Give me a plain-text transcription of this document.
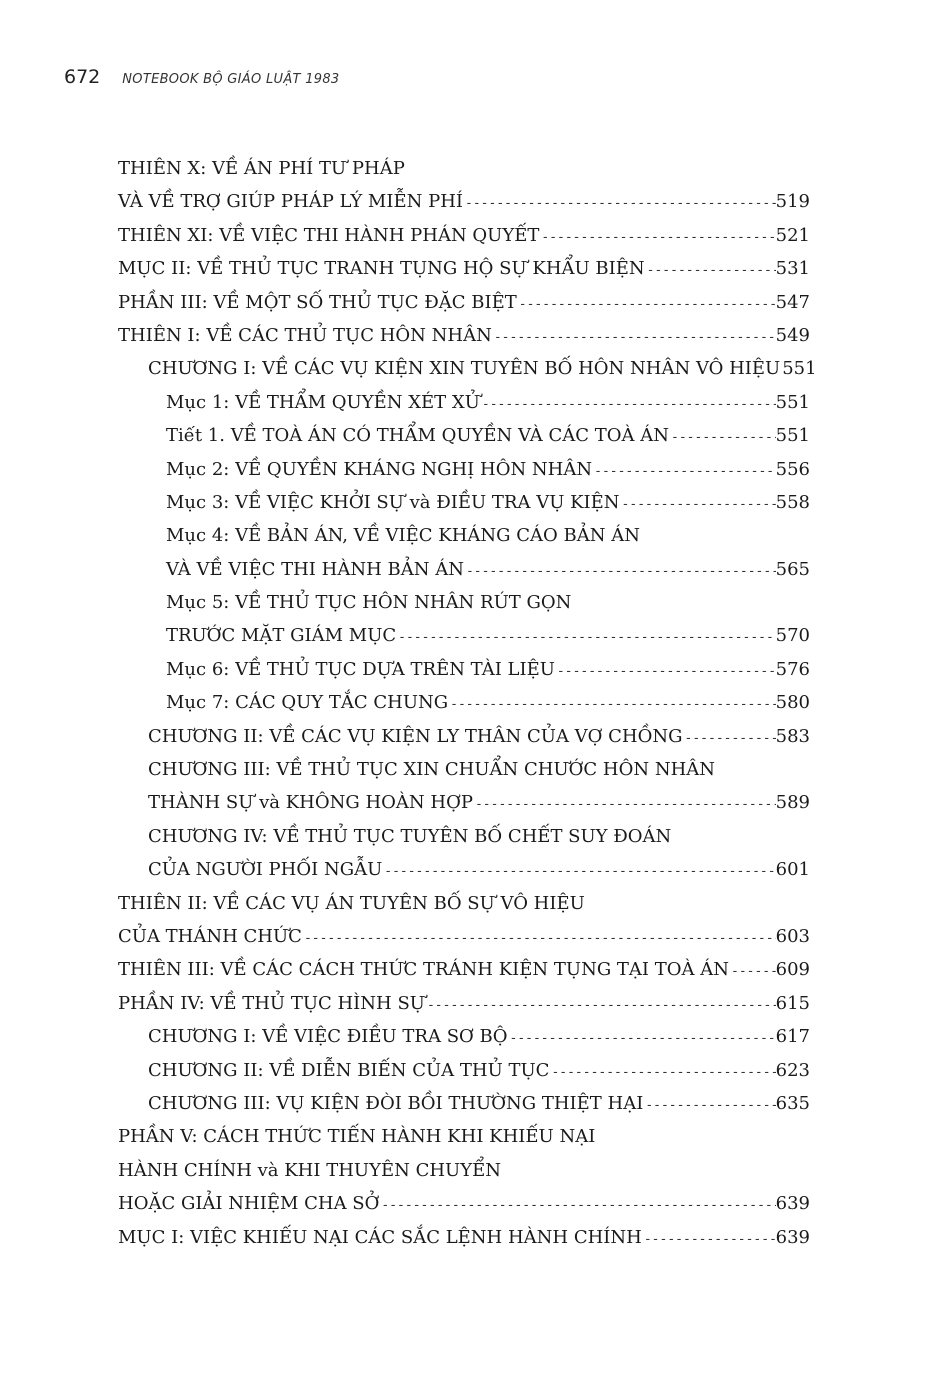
672 NOTEBOOK BỘ GIÁO LUẬT 1983
THIÊN X: VỀ ÁN PHÍ TƯ PHÁP
VÀ VỀ TRỢ GIÚP PHÁP LÝ MIỄN PHÍ -----	519
THIÊN XI: VỀ VIỆC THI HÀNH PHÁN QUYẾT -----	521
MỤC II: VỀ THỦ TỤC TRANH TỤNG HỘ SỰ KHẨU BIỆN -----	531
PHẦN III: VỀ MỘT SỐ THỦ TỤC ĐẶC BIỆT -----	547
THIÊN I: VỀ CÁC THỦ TỤC HÔN NHÂN -----	549
CHƯƠNG I: VỀ CÁC VỤ KIỆN XIN TUYÊN BỐ HÔN NHÂN VÔ HIỆU ----- 551
Mục 1: VỀ THẨM QUYỀN XÉT XỬ -----	551
Tiết 1. VỀ TOÀ ÁN CÓ THẨM QUYỀN VÀ CÁC TOÀ ÁN -----	551
Mục 2: VỀ QUYỀN KHÁNG NGHỊ HÔN NHÂN -----	556
Mục 3: VỀ VIỆC KHỞI SỰ và ĐIỀU TRA VỤ KIỆN -----	558
Mục 4: VỀ BẢN ÁN, VỀ VIỆC KHÁNG CÁO BẢN ÁN
VÀ VỀ VIỆC THI HÀNH BẢN ÁN -----	565
Mục 5: VỀ THỦ TỤC HÔN NHÂN RÚT GỌN
TRƯỚC MẶT GIÁM MỤC -----	570
Mục 6: VỀ THỦ TỤC DỰA TRÊN TÀI LIỆU -----	576
Mục 7: CÁC QUY TẮC CHUNG -----	580
CHƯƠNG II: VỀ CÁC VỤ KIỆN LY THÂN CỦA VỢ CHỒNG -----	583
CHƯƠNG III: VỀ THỦ TỤC XIN CHUẨN CHƯỚC HÔN NHÂN
THÀNH SỰ và KHÔNG HOÀN HỢP -----	589
CHƯƠNG IV: VỀ THỦ TỤC TUYÊN BỐ CHẾT SUY ĐOÁN
CỦA NGƯỜI PHỐI NGẪU -----	601
THIÊN II: VỀ CÁC VỤ ÁN TUYÊN BỐ SỰ VÔ HIỆU
CỦA THÁNH CHỨC -----	603
THIÊN III: VỀ CÁC CÁCH THỨC TRÁNH KIỆN TỤNG TẠI TOÀ ÁN -----	609
PHẦN IV: VỀ THỦ TỤC HÌNH SỰ -----	615
CHƯƠNG I: VỀ VIỆC ĐIỀU TRA SƠ BỘ -----	617
CHƯƠNG II: VỀ DIỄN BIẾN CỦA THỦ TỤC -----	623
CHƯƠNG III: VỤ KIỆN ĐÒI BỒI THƯỜNG THIỆT HẠI -----	635
PHẦN V: CÁCH THỨC TIẾN HÀNH KHI KHIẾU NẠI
HÀNH CHÍNH và KHI THUYÊN CHUYỂN
HOẶC GIẢI NHIỆM CHA SỞ -----	639
MỤC I: VIỆC KHIẾU NẠI CÁC SẮC LỆNH HÀNH CHÍNH -----	639
